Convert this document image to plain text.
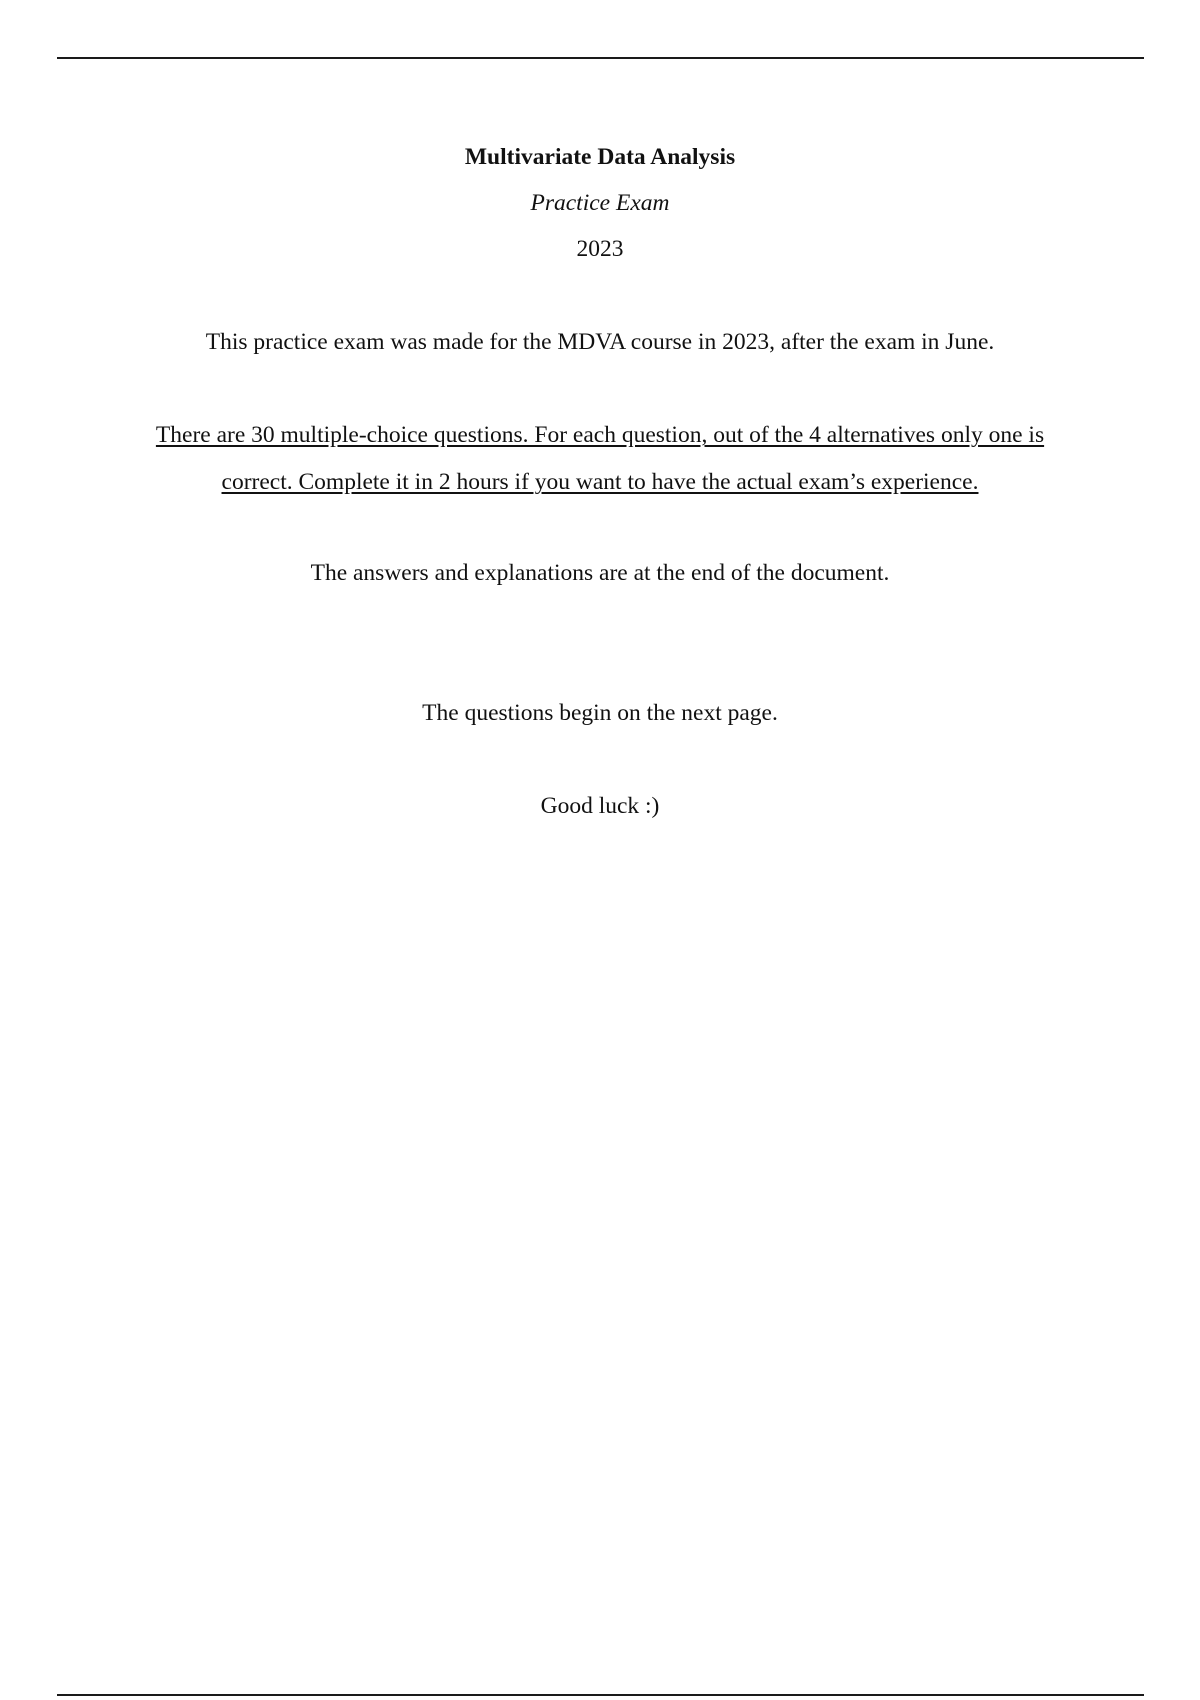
Multivariate Data Analysis
Practice Exam
2023
This practice exam was made for the MDVA course in 2023, after the exam in June.
There are 30 multiple-choice questions. For each question, out of the 4 alternatives only one is
correct. Complete it in 2 hours if you want to have the actual exam’s experience.
The answers and explanations are at the end of the document.
The questions begin on the next page.
Good luck :)
